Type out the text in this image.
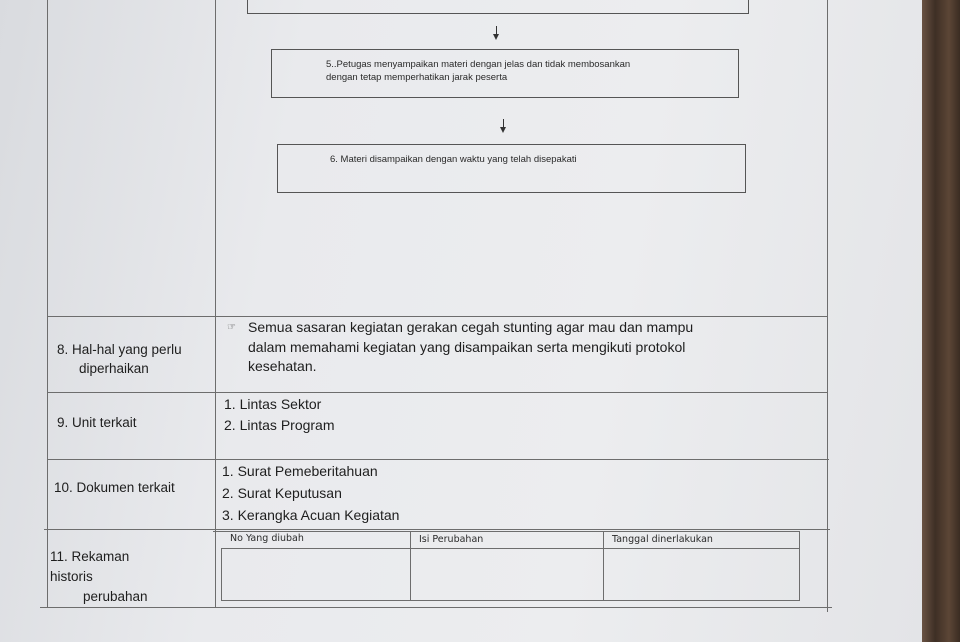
5..Petugas menyampaikan materi dengan jelas dan tidak membosankan
dengan tetap memperhatikan jarak peserta
6. Materi disampaikan dengan waktu yang telah disepakati
8. Hal-hal yang perlu
diperhaikan
☞ Semua sasaran kegiatan gerakan cegah stunting agar mau dan mampu
dalam memahami kegiatan yang disampaikan serta mengikuti protokol
kesehatan.
9. Unit terkait
1. Lintas Sektor
2. Lintas Program
10. Dokumen terkait
1. Surat Pemeberitahuan
2. Surat Keputusan
3. Kerangka Acuan Kegiatan
11. Rekaman
historis
perubahan
No Yang diubah	Isi Perubahan	Tanggal dinerlakukan
